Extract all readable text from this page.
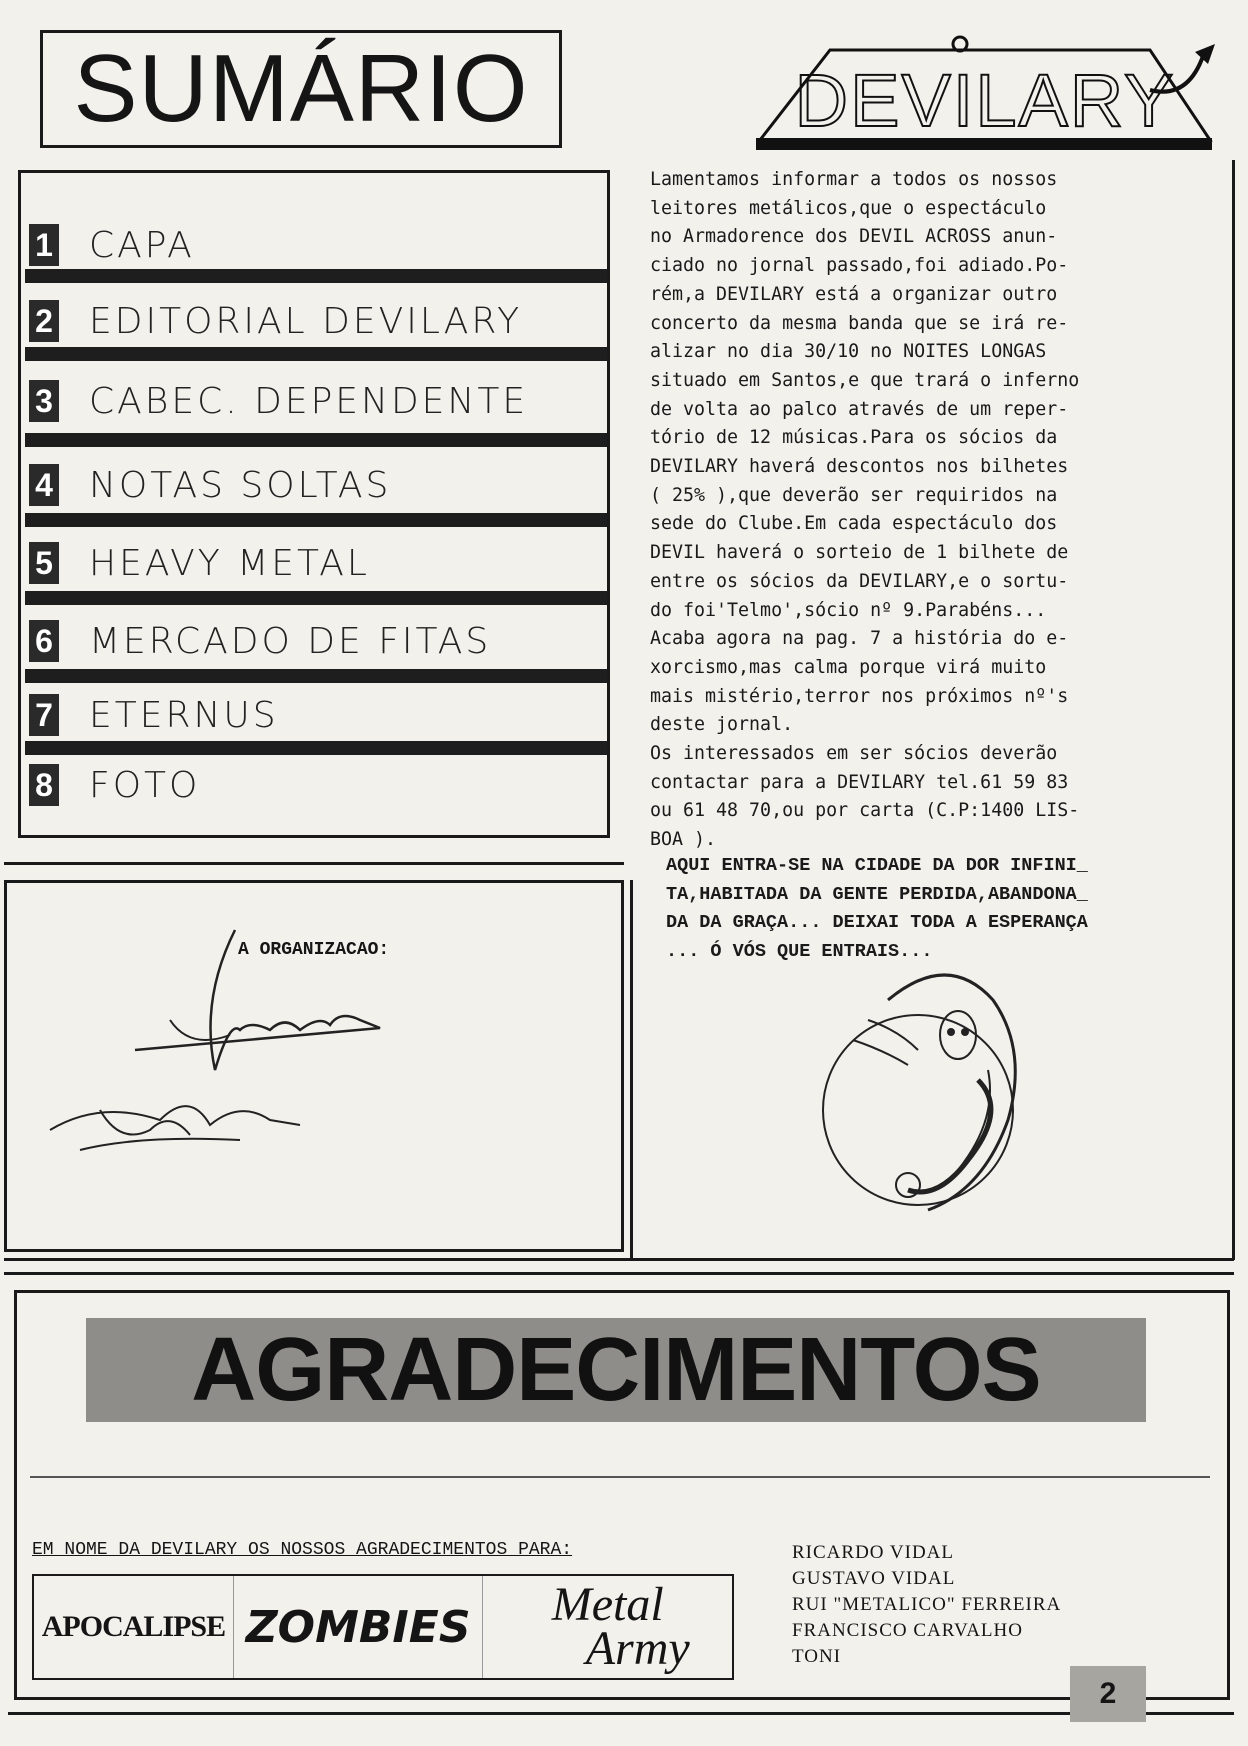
SUMÁRIO
1 CAPA
2 EDITORIAL DEVILARY
3 CABEC. DEPENDENTE
4 NOTAS SOLTAS
5 HEAVY METAL
6 MERCADO DE FITAS
7 ETERNUS
8 FOTO
DEVILARY
Lamentamos informar a todos os nossos
leitores metálicos,que o espectáculo
no Armadorence dos DEVIL ACROSS anun-
ciado no jornal passado,foi adiado.Po-
rém,a DEVILARY está a organizar outro
concerto da mesma banda que se irá re-
alizar no dia 30/10 no NOITES LONGAS
situado em Santos,e que trará o inferno
de volta ao palco através de um reper-
tório de 12 músicas.Para os sócios da
DEVILARY haverá descontos nos bilhetes
( 25% ),que deverão ser requiridos na
sede do Clube.Em cada espectáculo dos
DEVIL haverá o sorteio de 1 bilhete de
entre os sócios da DEVILARY,e o sortu-
do foi'Telmo',sócio nº 9.Parabéns...
Acaba agora na pag. 7 a história do e-
xorcismo,mas calma porque virá muito
mais mistério,terror nos próximos nº's
deste jornal.
Os interessados em ser sócios deverão
contactar para a DEVILARY tel.61 59 83
ou 61 48 70,ou por carta (C.P:1400 LIS-
BOA ).
AQUI ENTRA-SE NA CIDADE DA DOR INFINI_
TA,HABITADA DA GENTE PERDIDA,ABANDONA_
DA DA GRAÇA... DEIXAI TODA A ESPERANÇA
... Ó VÓS QUE ENTRAIS...
A ORGANIZACAO:
AGRADECIMENTOS
EM NOME DA DEVILARY OS NOSSOS AGRADECIMENTOS PARA:	RICARDO VIDAL
GUSTAVO VIDAL
RUI "METALICO" FERREIRA
FRANCISCO CARVALHO
TONI
APOCALIPSE ZOMBIES Metal
Army
2
